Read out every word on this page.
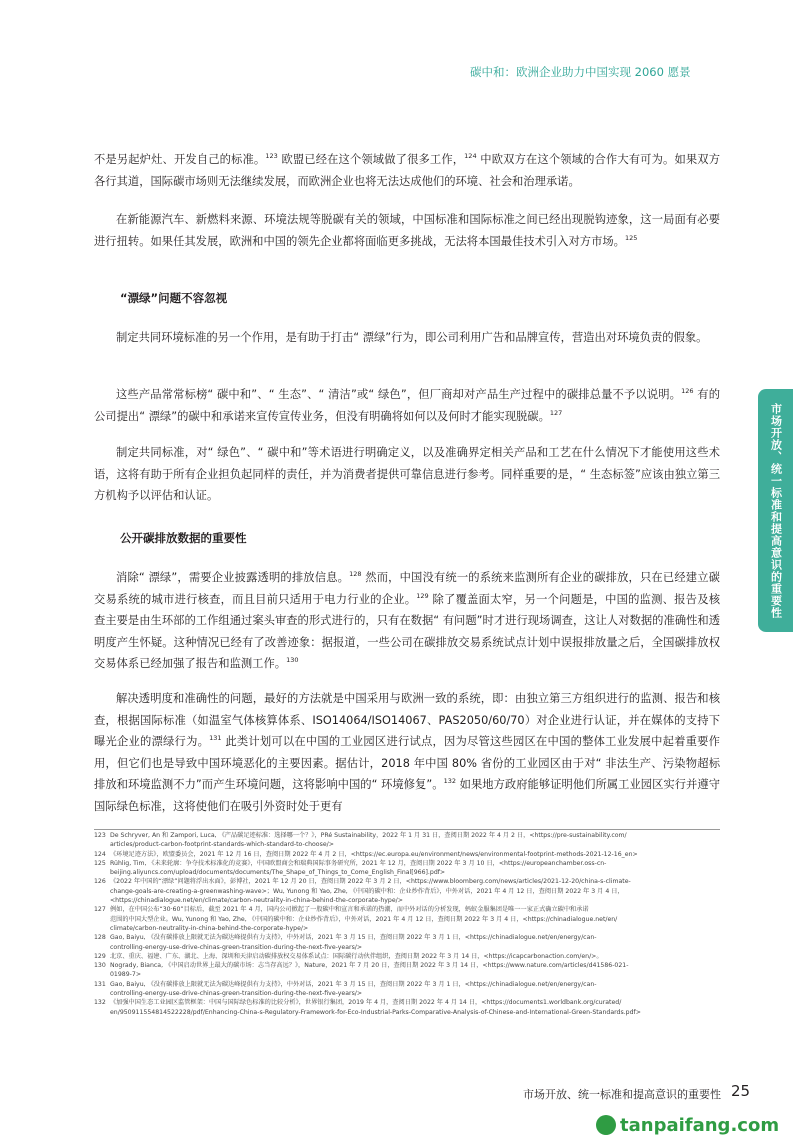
碳中和：欧洲企业助力中国实现 2060 愿景

不是另起炉灶、开发自己的标准。$^{123}$ 欧盟已经在这个领域做了很多工作，$^{124}$ 中欧双方在这个领域的合作大有可为。如果双方各行其道，国际碳市场则无法继续发展，而欧洲企业也将无法达成他们的环境、社会和治理承诺。

在新能源汽车、新燃料来源、环境法规等脱碳有关的领域，中国标准和国际标准之间已经出现脱钩迹象，这一局面有必要进行扭转。如果任其发展，欧洲和中国的领先企业都将面临更多挑战，无法将本国最佳技术引入对方市场。$^{125}$

“漂绿”问题不容忽视

制定共同环境标准的另一个作用，是有助于打击“ 漂绿”行为，即公司利用广告和品牌宣传，营造出对环境负责的假象。

这些产品常常标榜“ 碳中和”、“ 生态”、“ 清洁”或“ 绿色”，但厂商却对产品生产过程中的碳排总量不予以说明。$^{126}$ 有的公司提出“ 漂绿”的碳中和承诺来宣传宣传业务，但没有明确将如何以及何时才能实现脱碳。$^{127}$

制定共同标准，对“ 绿色”、“ 碳中和”等术语进行明确定义，以及准确界定相关产品和工艺在什么情况下才能使用这些术语，这将有助于所有企业担负起同样的责任，并为消费者提供可靠信息进行参考。同样重要的是，“ 生态标签”应该由独立第三方机构予以评估和认证。

公开碳排放数据的重要性

消除“ 漂绿”，需要企业披露透明的排放信息。$^{128}$ 然而，中国没有统一的系统来监测所有企业的碳排放，只在已经建立碳交易系统的城市进行核查，而且目前只适用于电力行业的企业。$^{129}$ 除了覆盖面太窄，另一个问题是，中国的监测、报告及核查主要是由生环部的工作组通过案头审查的形式进行的，只有在数据“ 有问题”时才进行现场调查，这让人对数据的准确性和透明度产生怀疑。这种情况已经有了改善迹象：据报道，一些公司在碳排放交易系统试点计划中误报排放量之后，全国碳排放权交易体系已经加强了报告和监测工作。$^{130}$

解决透明度和准确性的问题，最好的方法就是中国采用与欧洲一致的系统，即：由独立第三方组织进行的监测、报告和核查，根据国际标准（如温室气体核算体系、ISO14064/ISO14067、PAS2050/60/70）对企业进行认证，并在媒体的支持下曝光企业的漂绿行为。$^{131}$ 此类计划可以在中国的工业园区进行试点，因为尽管这些园区在中国的整体工业发展中起着重要作用，但它们也是导致中国环境恶化的主要因素。据估计，2018 年中国 80% 省份的工业园区由于对“ 非法生产、污染物超标排放和环境监测不力”而产生环境问题，这将影响中国的“ 环境修复”。$^{132}$ 如果地方政府能够证明他们所属工业园区实行并遵守国际绿色标准，这将使他们在吸引外资时处于更有

市场开放、统一标准和提高意识的重要性

123 De Schryver, An 和 Zampori, Luca, 《产品碳足迹标准：选择哪一个？》，PRé Sustainability，2022 年 1 月 31 日，查阅日期 2022 年 4 月 2 日，<https://pre-sustainability.com/

articles/product-carbon-footprint-standards-which-standard-to-choose/>

124 《环境足迹方法》，欧盟委员会，2021 年 12 月 16 日，查阅日期 2022 年 4 月 2 日，<https://ec.europa.eu/environment/news/environmental-footprint-methods-2021-12-16_en>

125 Rühlig, Tim, 《未来轮廓：争夺技术标准化的竞赛》，中国欧盟商会和瑞典国际事务研究所，2021 年 12 月，查阅日期 2022 年 3 月 10 日，<https://europeanchamber.oss-cn-

beijing.aliyuncs.com/upload/documents/documents/The_Shape_of_Things_to_Come_English_Final[966].pdf>

126 《2022 年中国的“漂绿”问题将浮出水面》，彭博社，2021 年 12 月 20 日，查阅日期 2022 年 3 月 2 日，<https://www.bloomberg.com/news/articles/2021-12-20/china-s-climate-

change-goals-are-creating-a-greenwashing-wave>；Wu, Yunong 和 Yao, Zhe, 《中国的碳中和：企业炒作背后》，中外对话，2021 年 4 月 12 日，查阅日期 2022 年 3 月 4 日，

<https://chinadialogue.net/en/climate/carbon-neutrality-in-china-behind-the-corporate-hype/>

127 例如，在中国公布“30·60”目标后，截至 2021 年 4 月，国内公司掀起了一股碳中和宣言和承诺的热潮，而中外对话的分析发现，蚂蚁金服集团是唯一一家正式确立碳中和承诺

范围的中国大型企业。Wu, Yunong 和 Yao, Zhe, 《中国的碳中和：企业炒作背后》，中外对话，2021 年 4 月 12 日，查阅日期 2022 年 3 月 4 日，<https://chinadialogue.net/en/

climate/carbon-neutrality-in-china-behind-the-corporate-hype/>

128 Gao, Baiyu, 《没有碳排放上限就无法为碳达峰提供有力支持》，中外对话，2021 年 3 月 15 日，查阅日期 2022 年 3 月 1 日，<https://chinadialogue.net/en/energy/can-

controlling-energy-use-drive-chinas-green-transition-during-the-next-five-years/>

129 北京、重庆、福建、广东、湖北、上海、深圳和天津启动碳排放权交易体系试点：国际碳行动伙伴组织，查阅日期 2022 年 3 月 14 日，<https://icapcarbonaction.com/en/>。

130 Nogrady, Bianca, 《中国启动世界上最大的碳市场：志当存高远？》，Nature，2021 年 7 月 20 日，查阅日期 2022 年 3 月 14 日，<https://www.nature.com/articles/d41586-021-

01989-7>

131 Gao, Baiyu, 《没有碳排放上限就无法为碳达峰提供有力支持》，中外对话，2021 年 3 月 15 日，查阅日期 2022 年 3 月 1 日，<https://chinadialogue.net/en/energy/can-

controlling-energy-use-drive-chinas-green-transition-during-the-next-five-years/>

132 《加强中国生态工业园区监管框架：中国与国际绿色标准的比较分析》，世界银行集团，2019 年 4 月，查阅日期 2022 年 4 月 14 日，<https://documents1.worldbank.org/curated/

en/950911554814522228/pdf/Enhancing-China-s-Regulatory-Framework-for-Eco-Industrial-Parks-Comparative-Analysis-of-Chinese-and-International-Green-Standards.pdf>

市场开放、统一标准和提高意识的重要性 25
tanpaifang.com
